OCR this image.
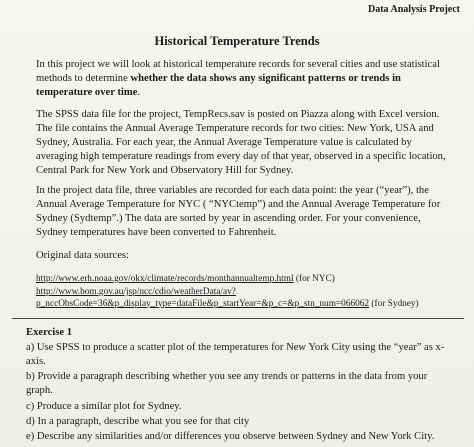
Data Analysis Project
Historical Temperature Trends
In this project we will look at historical temperature records for several cities and use statistical methods to determine whether the data shows any significant patterns or trends in temperature over time.
The SPSS data file for the project, TempRecs.sav is posted on Piazza along with Excel version. The file contains the Annual Average Temperature records for two cities: New York, USA and Sydney, Australia. For each year, the Annual Average Temperature value is calculated by averaging high temperature readings from every day of that year, observed in a specific location, Central Park for New York and Observatory Hill for Sydney.
In the project data file, three variables are recorded for each data point: the year (“year”), the Annual Average Temperature for NYC ( “NYCtemp”) and the Annual Average Temperature for Sydney (Sydtemp”.) The data are sorted by year in ascending order. For your convenience, Sydney temperatures have been converted to Fahrenheit.
Original data sources:
http://www.erh.noaa.gov/okx/climate/records/monthannualtemp.html (for NYC)
http://www.bom.gov.au/jsp/ncc/cdio/weatherData/av?p_nccObsCode=36&p_display_type=dataFile&p_startYear=&p_c=&p_stn_num=066062 (for Sydney)
Exercise 1
a) Use SPSS to produce a scatter plot of the temperatures for New York City using the “year” as x-axis.
b) Provide a paragraph describing whether you see any trends or patterns in the data from your graph.
c) Produce a similar plot for Sydney.
d) In a paragraph, describe what you see for that city
e) Describe any similarities and/or differences you observe between Sydney and New York City.
